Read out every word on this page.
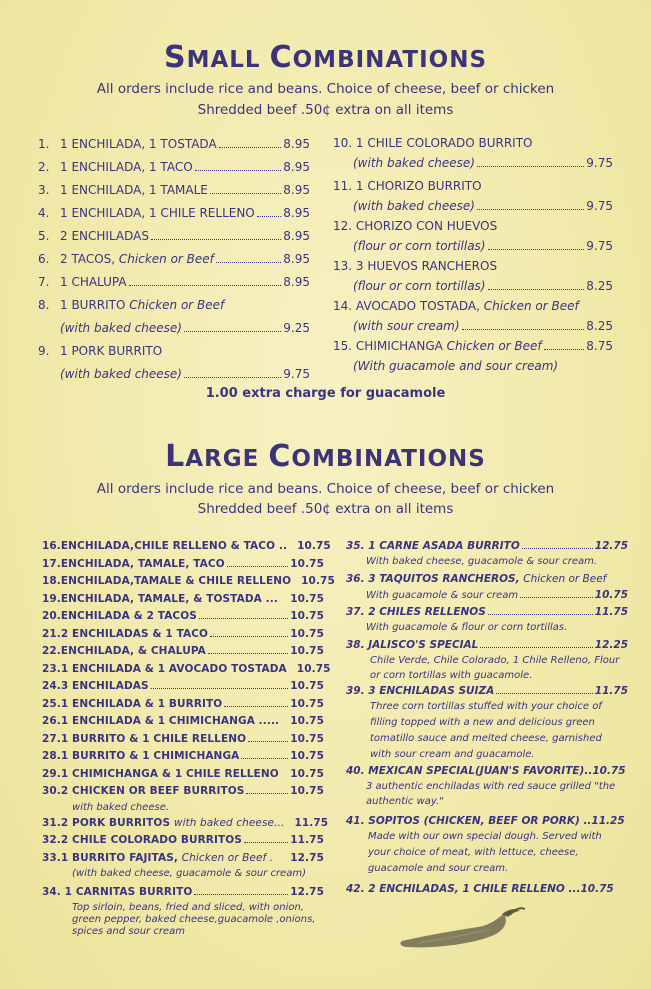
SMALL COMBINATIONS
All orders include rice and beans. Choice of cheese, beef or chicken
Shredded beef .50¢ extra on all items
1. 1 ENCHILADA, 1 TOSTADA	8.95
2. 1 ENCHILADA, 1 TACO	8.95
3. 1 ENCHILADA, 1 TAMALE	8.95
4. 1 ENCHILADA, 1 CHILE RELLENO 8.95
5. 2 ENCHILADAS	8.95
6. 2 TACOS, Chicken or Beef	8.95
7. 1 CHALUPA	8.95
8. 1 BURRITO Chicken or Beef
(with baked cheese)	9.25
9. 1 PORK BURRITO
(with baked cheese)	9.75
10. 1 CHILE COLORADO BURRITO
(with baked cheese)	9.75
11. 1 CHORIZO BURRITO
(with baked cheese)	9.75
12. CHORIZO CON HUEVOS
(flour or corn tortillas)	9.75
13. 3 HUEVOS RANCHEROS
(flour or corn tortillas)	8.25
14. AVOCADO TOSTADA, Chicken or Beef
(with sour cream)	8.25
15. CHIMICHANGA Chicken or Beef	8.75
(With guacamole and sour cream)
1.00 extra charge for guacamole
LARGE COMBINATIONS
All orders include rice and beans. Choice of cheese, beef or chicken
Shredded beef .50¢ extra on all items
16.ENCHILADA,CHILE RELLENO & TACO .. 10.75
17.ENCHILADA, TAMALE, TACO	10.75
18.ENCHILADA,TAMALE & CHILE RELLENO 10.75
19.ENCHILADA, TAMALE, & TOSTADA ... 10.75
20.ENCHILADA & 2 TACOS	10.75
21.2 ENCHILADAS & 1 TACO	10.75
22.ENCHILADA, & CHALUPA	10.75
23.1 ENCHILADA & 1 AVOCADO TOSTADA 10.75
24.3 ENCHILADAS	10.75
25.1 ENCHILADA & 1 BURRITO	10.75
26.1 ENCHILADA & 1 CHIMICHANGA ..... 10.75
27.1 BURRITO & 1 CHILE RELLENO	10.75
28.1 BURRITO & 1 CHIMICHANGA	10.75
29.1 CHIMICHANGA & 1 CHILE RELLENO 10.75
30.2 CHICKEN OR BEEF BURRITOS	10.75
with baked cheese.
31.2 PORK BURRITOS with baked cheese... 11.75
32.2 CHILE COLORADO BURRITOS	11.75
33.1 BURRITO FAJITAS, Chicken or Beef . 12.75
(with baked cheese, guacamole & sour cream)
34. 1 CARNITAS BURRITO	12.75
Top sirloin, beans, fried and sliced, with onion,
green pepper, baked cheese,guacamole ,onions,
spices and sour cream
35. 1 CARNE ASADA BURRITO	12.75
With baked cheese, guacamole & sour cream.
36. 3 TAQUITOS RANCHEROS, Chicken or Beef
With guacamole & sour cream	10.75
37. 2 CHILES RELLENOS	11.75
With guacamole & flour or corn tortillas.
38. JALISCO'S SPECIAL	12.25
Chile Verde, Chile Colorado, 1 Chile Relleno, Flour
or corn tortillas with guacamole.
39. 3 ENCHILADAS SUIZA	11.75
Three corn tortillas stuffed with your choice of
filling topped with a new and delicious green
tomatillo sauce and melted cheese, garnished
with sour cream and guacamole.
40. MEXICAN SPECIAL(JUAN'S FAVORITE).. 10.75
3 authentic enchiladas with red sauce grilled "the
authentic way."
41. SOPITOS (CHICKEN, BEEF OR PORK) .. 11.25
Made with our own special dough. Served with
your choice of meat, with lettuce, cheese,
guacamole and sour cream.
42. 2 ENCHILADAS, 1 CHILE RELLENO ... 10.75
